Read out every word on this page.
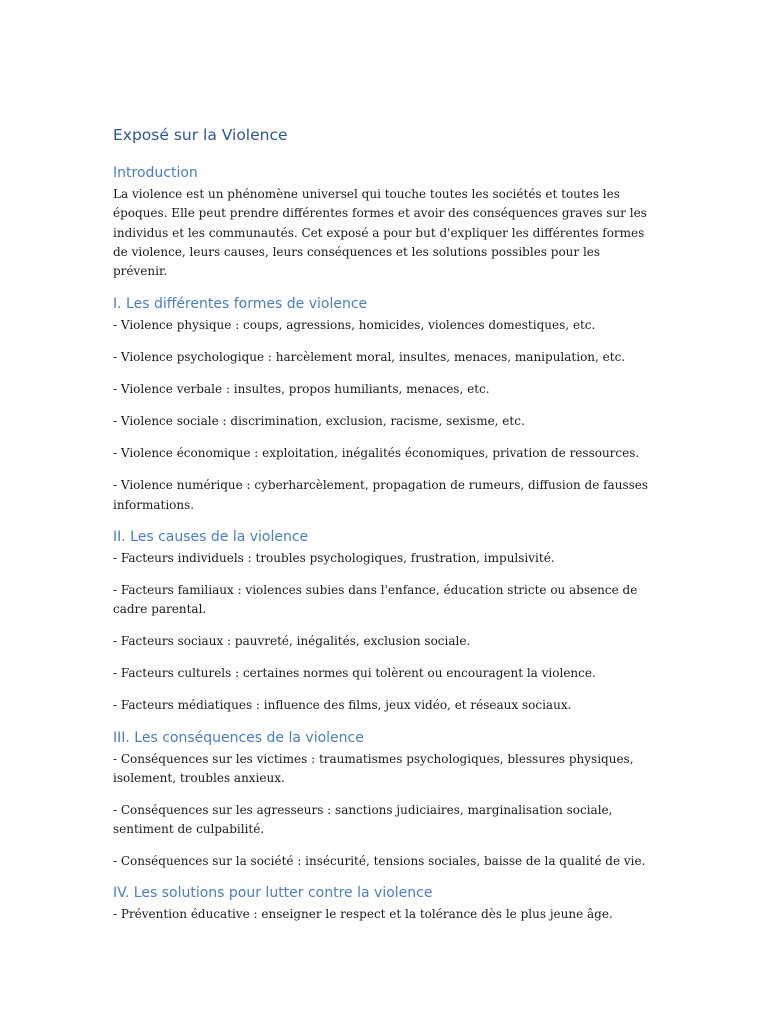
Exposé sur la Violence
Introduction

La violence est un phénomène universel qui touche toutes les sociétés et toutes les époques. Elle peut prendre différentes formes et avoir des conséquences graves sur les individus et les communautés. Cet exposé a pour but d'expliquer les différentes formes de violence, leurs causes, leurs conséquences et les solutions possibles pour les prévenir.

I. Les différentes formes de violence

- Violence physique : coups, agressions, homicides, violences domestiques, etc.

- Violence psychologique : harcèlement moral, insultes, menaces, manipulation, etc.

- Violence verbale : insultes, propos humiliants, menaces, etc.

- Violence sociale : discrimination, exclusion, racisme, sexisme, etc.

- Violence économique : exploitation, inégalités économiques, privation de ressources.

- Violence numérique : cyberharcèlement, propagation de rumeurs, diffusion de fausses informations.

II. Les causes de la violence

- Facteurs individuels : troubles psychologiques, frustration, impulsivité.

- Facteurs familiaux : violences subies dans l'enfance, éducation stricte ou absence de cadre parental.

- Facteurs sociaux : pauvreté, inégalités, exclusion sociale.

- Facteurs culturels : certaines normes qui tolèrent ou encouragent la violence.

- Facteurs médiatiques : influence des films, jeux vidéo, et réseaux sociaux.

III. Les conséquences de la violence

- Conséquences sur les victimes : traumatismes psychologiques, blessures physiques, isolement, troubles anxieux.

- Conséquences sur les agresseurs : sanctions judiciaires, marginalisation sociale, sentiment de culpabilité.

- Conséquences sur la société : insécurité, tensions sociales, baisse de la qualité de vie.

IV. Les solutions pour lutter contre la violence

- Prévention éducative : enseigner le respect et la tolérance dès le plus jeune âge.
